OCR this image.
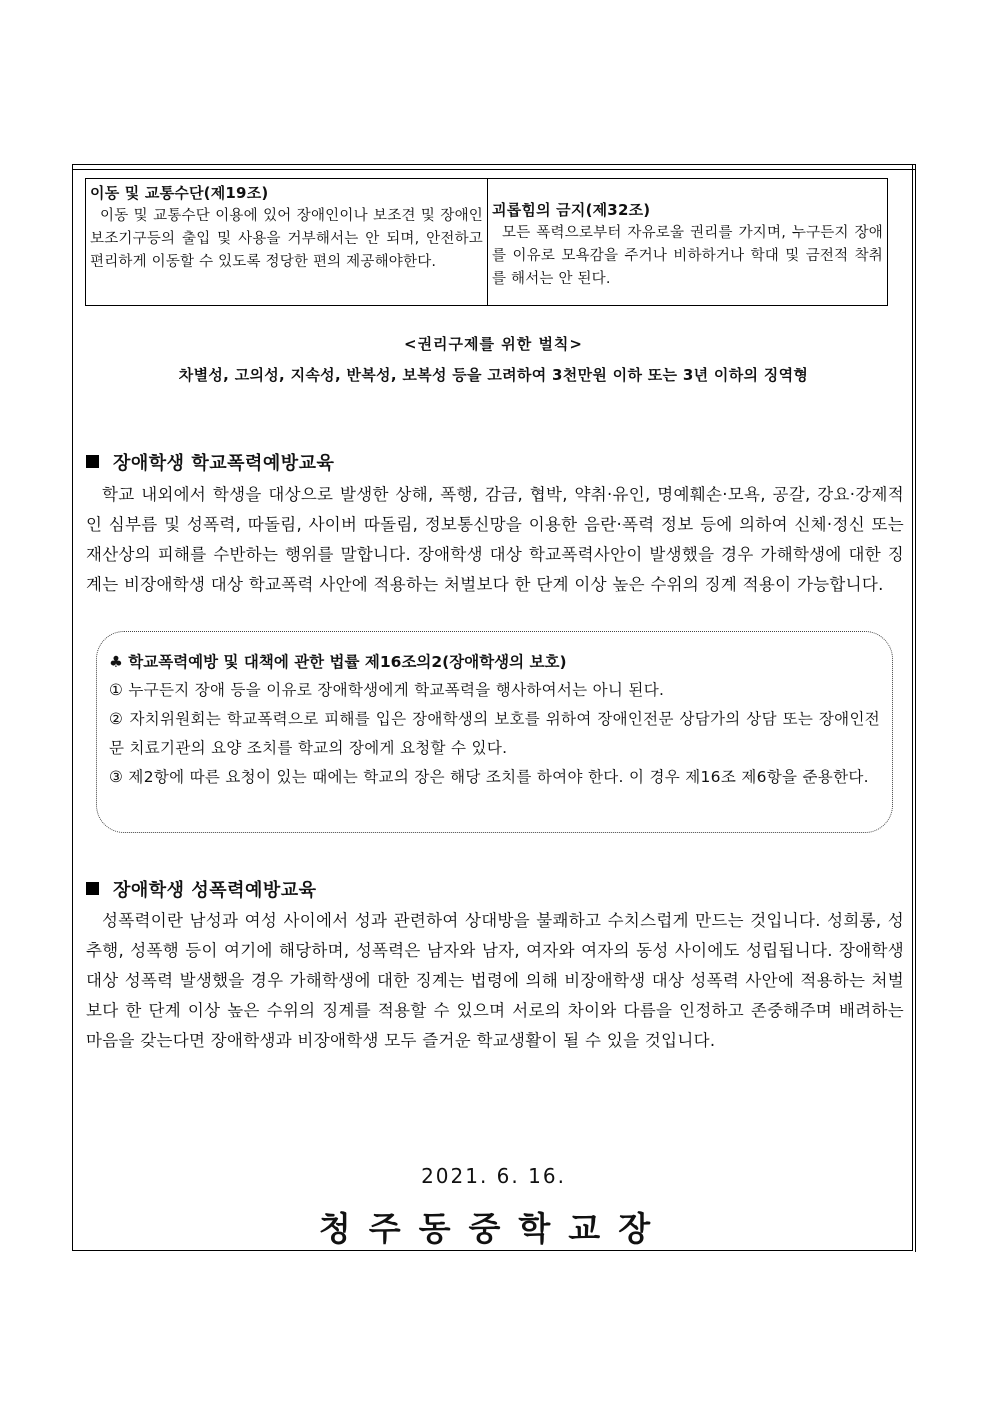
이동 및 교통수단(제19조)
이동 및 교통수단 이용에 있어 장애인이나 보조견 및 장애인보조기구등의 출입 및 사용을 거부해서는 안 되며, 안전하고 편리하게 이동할 수 있도록 정당한 편의 제공해야한다.
괴롭힘의 금지(제32조)
모든 폭력으로부터 자유로울 권리를 가지며, 누구든지 장애를 이유로 모욕감을 주거나 비하하거나 학대 및 금전적 착취를 해서는 안 된다.
<권리구제를 위한 벌칙>
차별성, 고의성, 지속성, 반복성, 보복성 등을 고려하여 3천만원 이하 또는 3년 이하의 징역형
장애학생 학교폭력예방교육
학교 내외에서 학생을 대상으로 발생한 상해, 폭행, 감금, 협박, 약취·유인, 명예훼손·모욕, 공갈, 강요·강제적인 심부름 및 성폭력, 따돌림, 사이버 따돌림, 정보통신망을 이용한 음란·폭력 정보 등에 의하여 신체·정신 또는 재산상의 피해를 수반하는 행위를 말합니다. 장애학생 대상 학교폭력사안이 발생했을 경우 가해학생에 대한 징계는 비장애학생 대상 학교폭력 사안에 적용하는 처벌보다 한 단계 이상 높은 수위의 징계 적용이 가능합니다.
♣ 학교폭력예방 및 대책에 관한 법률 제16조의2(장애학생의 보호)
① 누구든지 장애 등을 이유로 장애학생에게 학교폭력을 행사하여서는 아니 된다.
② 자치위원회는 학교폭력으로 피해를 입은 장애학생의 보호를 위하여 장애인전문 상담가의 상담 또는 장애인전문 치료기관의 요양 조치를 학교의 장에게 요청할 수 있다.
③ 제2항에 따른 요청이 있는 때에는 학교의 장은 해당 조치를 하여야 한다. 이 경우 제16조 제6항을 준용한다.
장애학생 성폭력예방교육
성폭력이란 남성과 여성 사이에서 성과 관련하여 상대방을 불쾌하고 수치스럽게 만드는 것입니다. 성희롱, 성추행, 성폭행 등이 여기에 해당하며, 성폭력은 남자와 남자, 여자와 여자의 동성 사이에도 성립됩니다. 장애학생 대상 성폭력 발생했을 경우 가해학생에 대한 징계는 법령에 의해 비장애학생 대상 성폭력 사안에 적용하는 처벌보다 한 단계 이상 높은 수위의 징계를 적용할 수 있으며 서로의 차이와 다름을 인정하고 존중해주며 배려하는 마음을 갖는다면 장애학생과 비장애학생 모두 즐거운 학교생활이 될 수 있을 것입니다.
2021. 6. 16.
청주동중학교장
